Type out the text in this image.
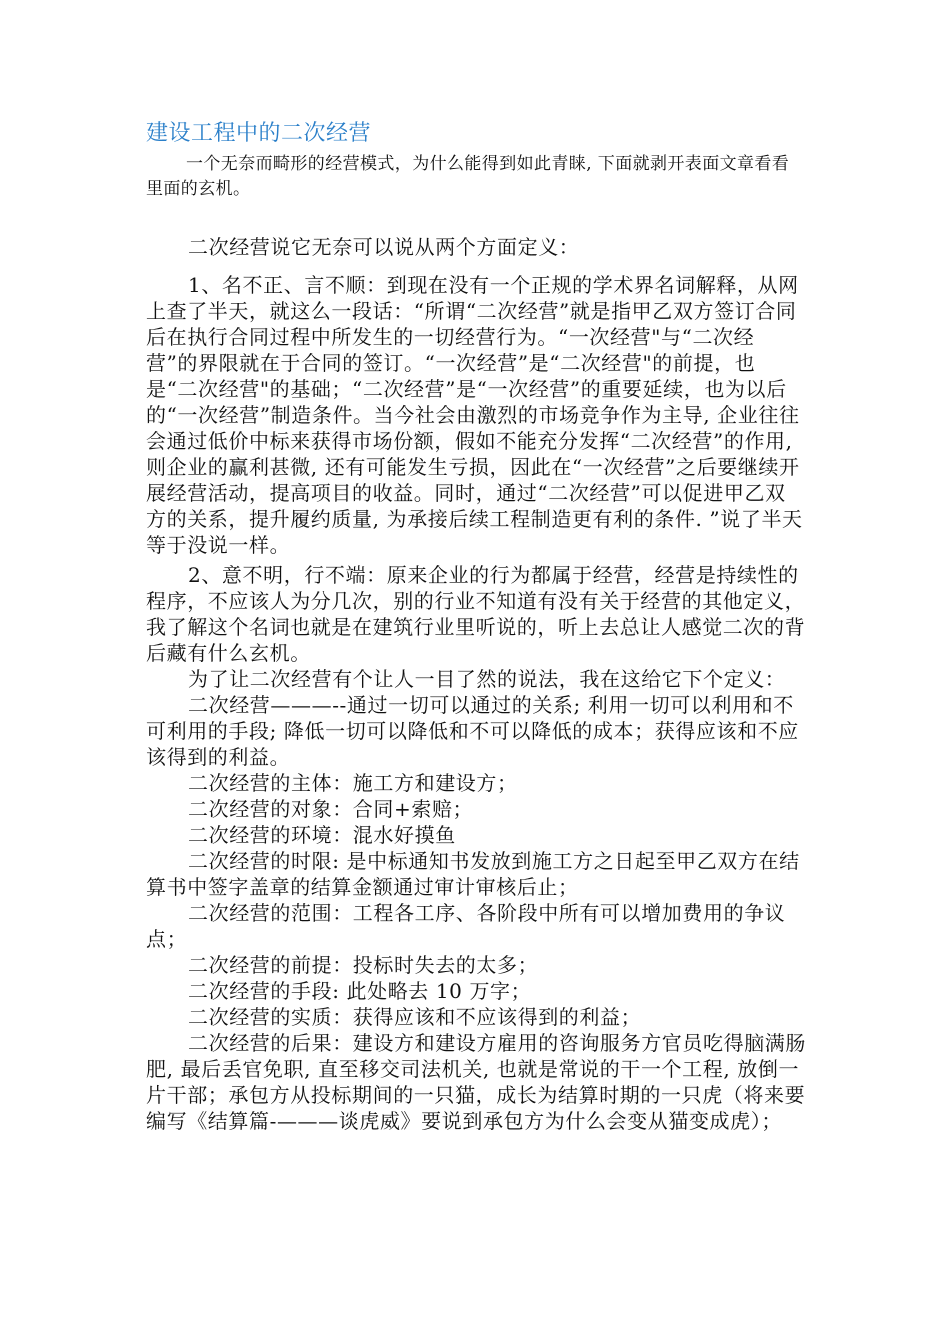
建设工程中的二次经营

一个无奈而畸形的经营模式，为什么能得到如此青睐, 下面就剥开表面文章看看里面的玄机。

二次经营说它无奈可以说从两个方面定义：

1、名不正、言不顺：到现在没有一个正规的学术界名词解释，从网上查了半天，就这么一段话：“所谓“二次经营”就是指甲乙双方签订合同后在执行合同过程中所发生的一切经营行为。“一次经营"与“二次经营”的界限就在于合同的签订。“一次经营”是“二次经营"的前提，也是“二次经营"的基础；“二次经营”是“一次经营”的重要延续，也为以后的“一次经营”制造条件。当今社会由激烈的市场竞争作为主导, 企业往往会通过低价中标来获得市场份额，假如不能充分发挥“二次经营”的作用, 则企业的赢利甚微, 还有可能发生亏损，因此在“一次经营”之后要继续开展经营活动，提高项目的收益。同时，通过“二次经营”可以促进甲乙双方的关系，提升履约质量, 为承接后续工程制造更有利的条件. ”说了半天等于没说一样。

2、意不明，行不端：原来企业的行为都属于经营，经营是持续性的程序，不应该人为分几次，别的行业不知道有没有关于经营的其他定义，我了解这个名词也就是在建筑行业里听说的，听上去总让人感觉二次的背后藏有什么玄机。

为了让二次经营有个让人一目了然的说法，我在这给它下个定义：

二次经营———--通过一切可以通过的关系; 利用一切可以利用和不可利用的手段; 降低一切可以降低和不可以降低的成本；获得应该和不应该得到的利益。

二次经营的主体：施工方和建设方；

二次经营的对象：合同+索赔；

二次经营的环境：混水好摸鱼

二次经营的时限: 是中标通知书发放到施工方之日起至甲乙双方在结算书中签字盖章的结算金额通过审计审核后止；

二次经营的范围：工程各工序、各阶段中所有可以增加费用的争议点；

二次经营的前提：投标时失去的太多；

二次经营的手段: 此处略去 10 万字；

二次经营的实质：获得应该和不应该得到的利益；

二次经营的后果：建设方和建设方雇用的咨询服务方官员吃得脑满肠肥, 最后丢官免职, 直至移交司法机关, 也就是常说的干一个工程, 放倒一片干部；承包方从投标期间的一只猫，成长为结算时期的一只虎（将来要编写《结算篇-———谈虎威》要说到承包方为什么会变从猫变成虎）；
